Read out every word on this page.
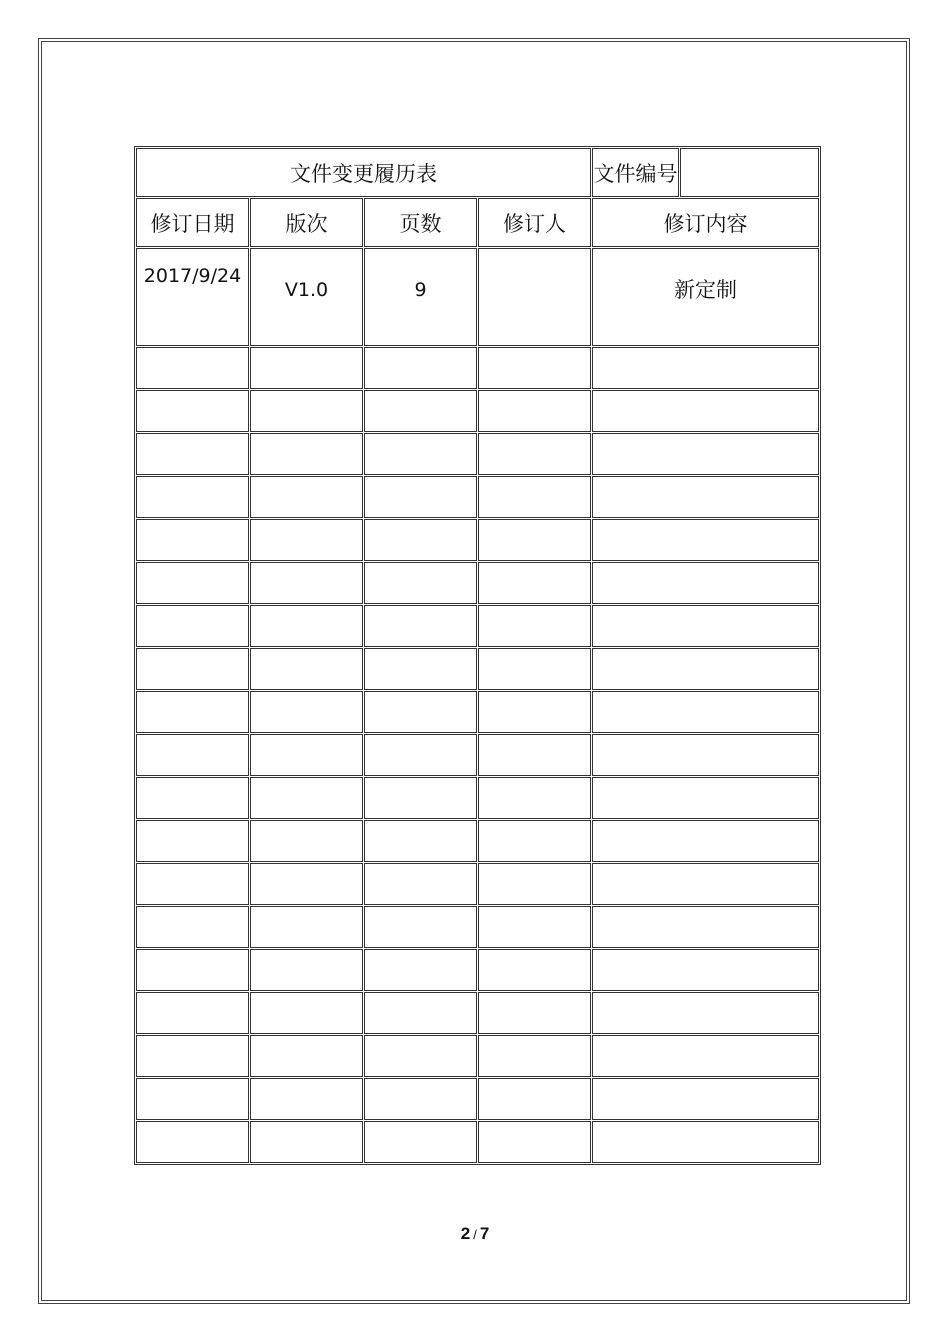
文件变更履历表				文件编号	
修订日期	版次	页数	修订人	修订内容	

2017/9/24	V1.0	9		新定制	

2 / 7
